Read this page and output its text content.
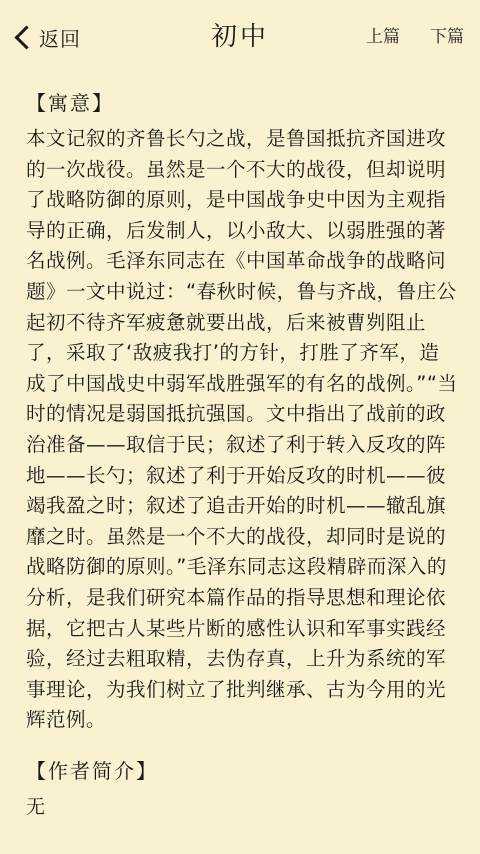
返回	初中	上篇 下篇
【寓意】

本文记叙的齐鲁长勺之战，是鲁国抵抗齐国进攻的一次战役。虽然是一个不大的战役，但却说明了战略防御的原则，是中国战争史中因为主观指导的正确，后发制人，以小敌大、以弱胜强的著名战例。毛泽东同志在《中国革命战争的战略问题》一文中说过：“春秋时候，鲁与齐战，鲁庄公起初不待齐军疲惫就要出战，后来被曹刿阻止了，采取了‘敌疲我打’的方针，打胜了齐军，造成了中国战史中弱军战胜强军的有名的战例。”“当时的情况是弱国抵抗强国。文中指出了战前的政治准备——取信于民；叙述了利于转入反攻的阵地——长勺；叙述了利于开始反攻的时机——彼竭我盈之时；叙述了追击开始的时机——辙乱旗靡之时。虽然是一个不大的战役，却同时是说的战略防御的原则。”毛泽东同志这段精辟而深入的分析，是我们研究本篇作品的指导思想和理论依据，它把古人某些片断的感性认识和军事实践经验，经过去粗取精，去伪存真，上升为系统的军事理论，为我们树立了批判继承、古为今用的光辉范例。

【作者简介】

无
